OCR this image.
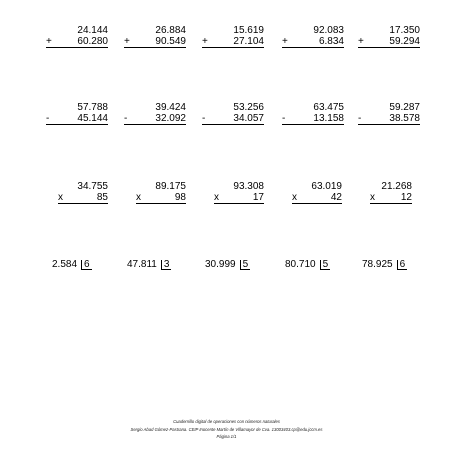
24.144
+	60.280
26.884
+	90.549
15.619
+	27.104
92.083
+	6.834
17.350
+	59.294
57.788
-	45.144
39.424
-	32.092
53.256
-	34.057
63.475
-	13.158
59.287
-	38.578
34.755
x	85
89.175
x	98
93.308
x	17
63.019
x	42
21.268
x	12
2.584 6	47.811 3	30.999 5	80.710 5	78.925 6
Cuadernillo digital de operaciones con números naturales
Sergio Abad Gómez-Pastrana. CEIP Inocente Martín de Villamayor de Cva. 13003403.cp@edu.jccm.es
Página 1/1
